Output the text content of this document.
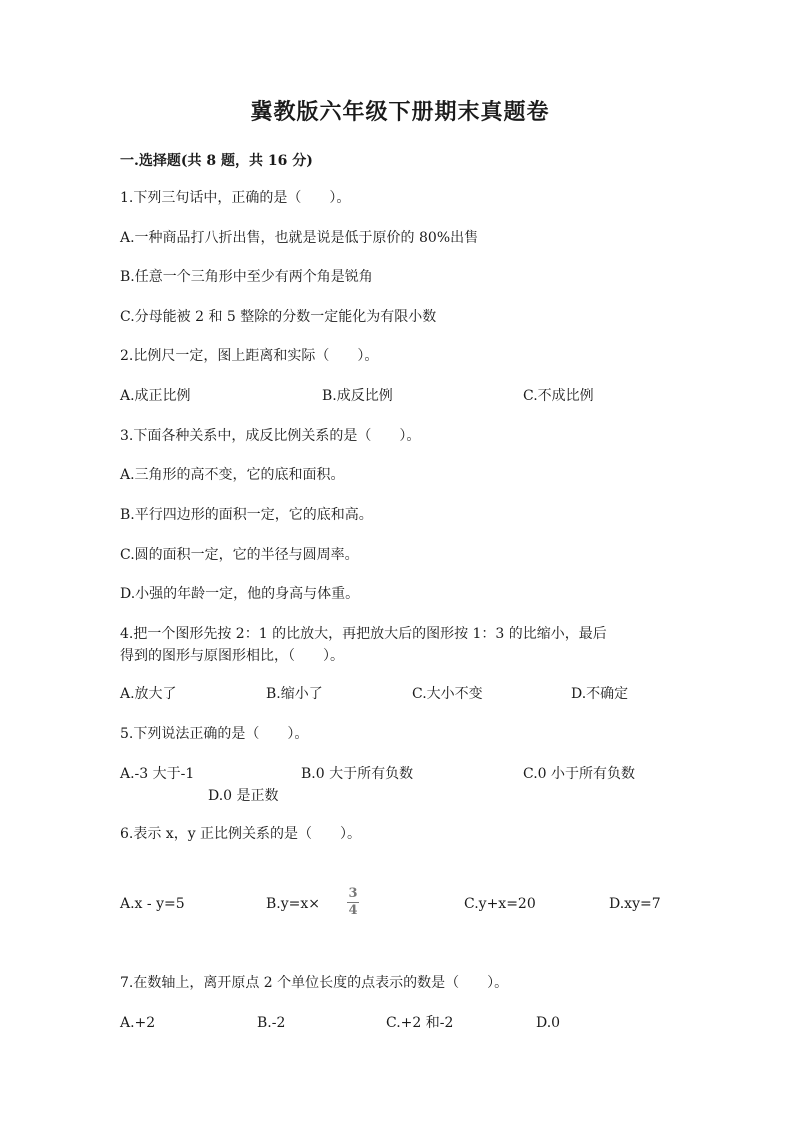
冀教版六年级下册期末真题卷
一.选择题(共 8 题，共 16 分)
1.下列三句话中，正确的是（　　）。
A.一种商品打八折出售，也就是说是低于原价的 80%出售
B.任意一个三角形中至少有两个角是锐角
C.分母能被 2 和 5 整除的分数一定能化为有限小数
2.比例尺一定，图上距离和实际（　　）。
A.成正比例	B.成反比例	C.不成比例
3.下面各种关系中，成反比例关系的是（　　）。
A.三角形的高不变，它的底和面积。
B.平行四边形的面积一定，它的底和高。
C.圆的面积一定，它的半径与圆周率。
D.小强的年龄一定，他的身高与体重。
4.把一个图形先按 2：1 的比放大，再把放大后的图形按 1：3 的比缩小，最后
得到的图形与原图形相比，（　　）。
A.放大了	B.缩小了	C.大小不变	D.不确定
5.下列说法正确的是（　　）。
A.-3 大于-1	B.0 大于所有负数	C.0 小于所有负数
D.0 是正数
6.表示 x，y 正比例关系的是（　　）。
A.x - y=5	B.y=x×
3
4	C.y+x=20	D.xy=7
7.在数轴上，离开原点 2 个单位长度的点表示的数是（　　）。
A.+2	B.-2	C.+2 和-2	D.0
